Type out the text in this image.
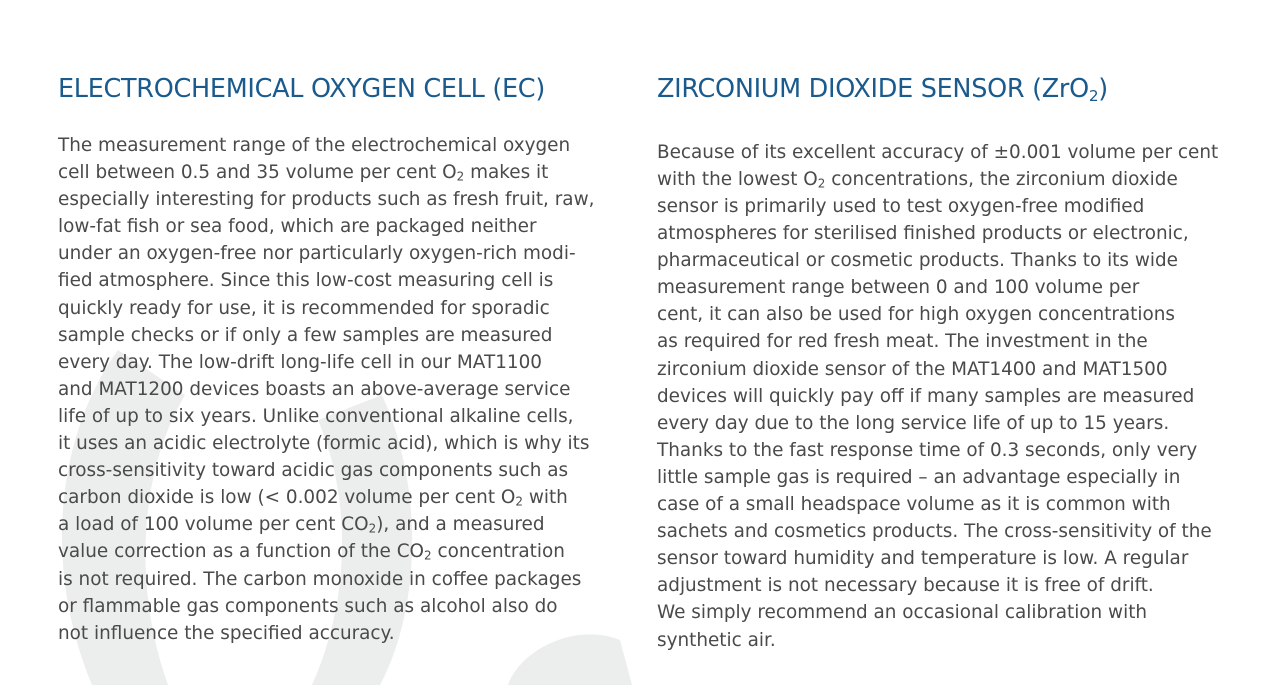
ELECTROCHEMICAL OXYGEN CELL (EC)
The measurement range of the electrochemical oxygen
cell between 0.5 and 35 volume per cent $O_2$ makes it
especially interesting for products such as fresh fruit, raw,
low-fat fish or sea food, which are packaged neither
under an oxygen-free nor particularly oxygen-rich modi-
fied atmosphere. Since this low-cost measuring cell is
quickly ready for use, it is recommended for sporadic
sample checks or if only a few samples are measured
every day. The low-drift long-life cell in our MAT1100
and MAT1200 devices boasts an above-average service
life of up to six years. Unlike conventional alkaline cells,
it uses an acidic electrolyte (formic acid), which is why its
cross-sensitivity toward acidic gas components such as
carbon dioxide is low (< 0.002 volume per cent $O_2$ with
a load of 100 volume per cent $CO_2$), and a measured
value correction as a function of the $CO_2$ concentration
is not required. The carbon monoxide in coffee packages
or flammable gas components such as alcohol also do
not influence the specified accuracy.
ZIRCONIUM DIOXIDE SENSOR (ZrO$_2$)
Because of its excellent accuracy of ±0.001 volume per cent
with the lowest $O_2$ concentrations, the zirconium dioxide
sensor is primarily used to test oxygen-free modified
atmospheres for sterilised finished products or electronic,
pharmaceutical or cosmetic products. Thanks to its wide
measurement range between 0 and 100 volume per
cent, it can also be used for high oxygen concentrations
as required for red fresh meat. The investment in the
zirconium dioxide sensor of the MAT1400 and MAT1500
devices will quickly pay off if many samples are measured
every day due to the long service life of up to 15 years.
Thanks to the fast response time of 0.3 seconds, only very
little sample gas is required – an advantage especially in
case of a small headspace volume as it is common with
sachets and cosmetics products. The cross-sensitivity of the
sensor toward humidity and temperature is low. A regular
adjustment is not necessary because it is free of drift.
We simply recommend an occasional calibration with
synthetic air.
